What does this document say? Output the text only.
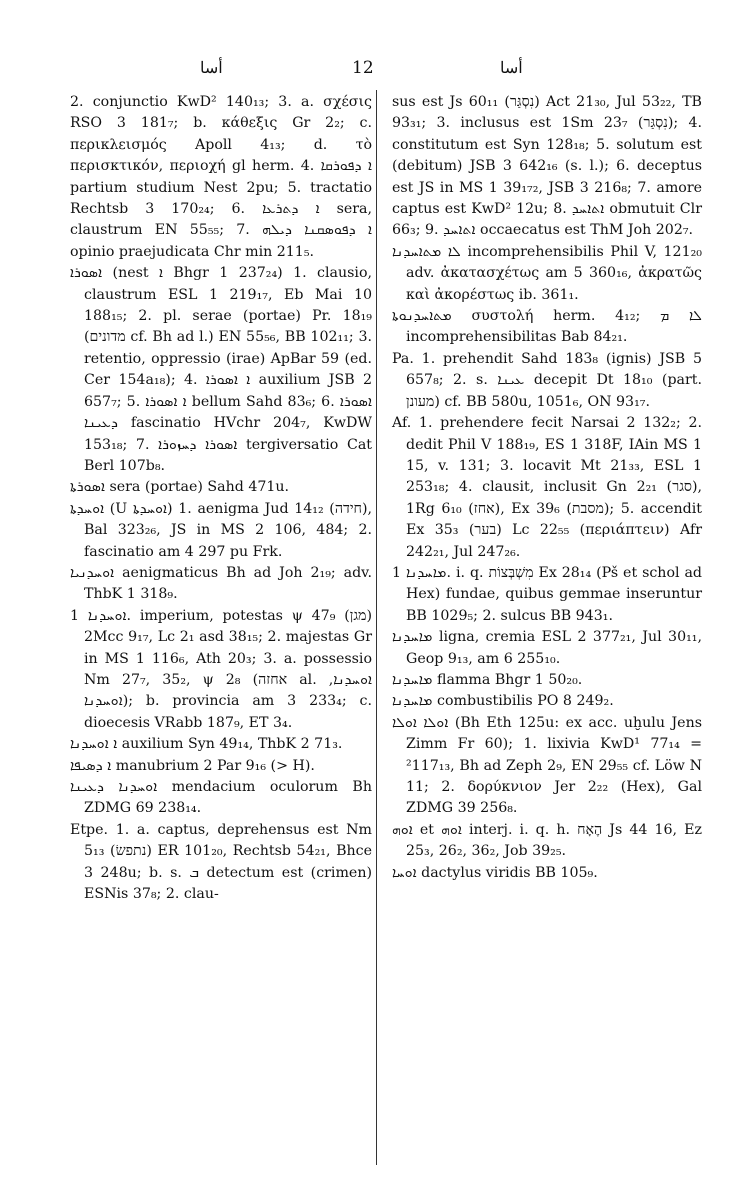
أسا	12	أسا

2. conjunctio KwD² 140₁₃; 3. a. σχέσις RSO 3 181₇; b. κάθεξις Gr 2₂; c. περικλεισμός Apoll 4₁₃; d. τὸ περισκτικόν, περιοχή gl herm. 4. ܐ ܕܦܘܪܩܐ partium studium Nest 2pu; 5. tractatio Rechtsb 3 170₂₄; 6. ܐ ܕܬܪܥܐ sera, claustrum EN 55₅₅; 7. ܐ ܕܦܘܣܩܢܐ ܕܝܠܗ opinio praejudicata Chr min 211₅.

ܐܣܘܪܐ (nest ܐ Bhgr 1 237₂₄) 1. clausio, claustrum ESL 1 219₁₇, Eb Mai 10 188₁₅; 2. pl. serae (portae) Pr. 18₁₉ (מדונים cf. Bh ad l.) EN 55₅₆, BB 102₁₁; 3. retentio, oppressio (irae) ApBar 59 (ed. Cer 154a₁₈); 4. ܐ ܐܣܘܪܐ auxilium JSB 2 657₇; 5. ܐ ܐܣܘܪܐ bellum Sahd 83₆; 6. ܐܣܘܪܐ ܕܥܝܢܐ fascinatio HVchr 204₇, KwDW 153₁₈; 7. ܐܣܘܪܐ ܕܚܙܘܪܐ tergiversatio Cat Berl 107b₈.

ܐܣܘܪܬܐ sera (portae) Sahd 471u.

ܐܘܚܕܬܐ (U ܐܘܚܕܬܐ) 1. aenigma Jud 14₁₂ (חידה), Bal 323₂₆, JS in MS 2 106, 484; 2. fascinatio am 4 297 pu Frk.

ܐܘܚܕܢܝܐ aenigmaticus Bh ad Joh 2₁₉; adv. ThbK 1 318₉.

ܐܘܚܕܢܐ 1. imperium, potestas ψ 47₉ (מגן) 2Mcc 9₁₇, Lc 2₁ asd 38₁₅; 2. majestas Gr in MS 1 116₆, Ath 20₃; 3. a. possessio Nm 27₇, 35₂, ψ 2₈ (אחזה al. ܐܘܚܕܢܐ, ܐܘܚܕܢܐ); b. provincia am 3 233₄; c. dioecesis VRabb 187₉, ET 3₄.

ܐ ܐܘܚܕܢܐ auxilium Syn 49₁₄, ThbK 2 71₃.

ܐ ܕܣܝܦܐ manubrium 2 Par 9₁₆ (> H).

ܐܘܚܕܢܐ ܕܥܝܢܐ mendacium oculorum Bh ZDMG 69 238₁₄.

Etpe. 1. a. captus, deprehensus est Nm 5₁₃ (נתפשׂ) ER 101₂₀, Rechtsb 54₂₁, Bhce 3 248u; b. s. ܒ detectum est (crimen) ESNis 37₈; 2. clau-

sus est Js 60₁₁ (נִסְגַּר) Act 21₃₀, Jul 53₂₂, TB 93₃₁; 3. inclusus est 1Sm 23₇ (נִסְגַּר); 4. constitutum est Syn 128₁₈; 5. solutum est (debitum) JSB 3 642₁₆ (s. l.); 6. deceptus est JS in MS 1 39₁₇₂, JSB 3 216₈; 7. amore captus est KwD² 12u; 8. ܐܬܐܚܕ obmutuit Clr 66₃; 9. ܐܬܐܚܕ occaecatus est ThM Joh 202₇.

ܠܐ ܡܬܐܚܕܢܐ incomprehensibilis Phil V, 121₂₀ adv. ἀκατασχέτως am 5 360₁₆, ἀκρατῶς καὶ ἀκορέστως ib. 361₁.

ܡܬܐܚܕܢܘܬܐ συστολή herm. 4₁₂; ܠܐ ܡ incomprehensibilitas Bab 84₂₁.

Pa. 1. prehendit Sahd 183₈ (ignis) JSB 5 657₈; 2. s. ܥܝܢܐ decepit Dt 18₁₀ (part. מעונן) cf. BB 580u, 1051₆, ON 93₁₇.

Af. 1. prehendere fecit Narsai 2 132₂; 2. dedit Phil V 188₁₉, ES 1 318F, IAin MS 1 15, v. 131; 3. locavit Mt 21₃₃, ESL 1 253₁₈; 4. clausit, inclusit Gn 2₂₁ (סגר), 1Rg 6₁₀ (אחז), Ex 39₆ (מסבת); 5. accendit Ex 35₃ (בער) Lc 22₅₅ (περιάπτειν) Afr 242₂₁, Jul 247₂₆.

ܡܐܚܕܢܐ 1. i. q. מִשְׁבְּצוֹת Ex 28₁₄ (Pš et schol ad Hex) fundae, quibus gemmae inseruntur BB 1029₅; 2. sulcus BB 943₁.

ܡܐܚܕܢܐ ligna, cremia ESL 2 377₂₁, Jul 30₁₁, Geop 9₁₃, am 6 255₁₀.

ܡܐܚܕܢܐ flamma Bhgr 1 50₂₀.

ܡܐܚܕܢܐ combustibilis PO 8 249₂.

ܐܘܠܐ ܐܘܠܐ (Bh Eth 125u: ex acc. uḫulu Jens Zimm Fr 60); 1. lixivia KwD¹ 77₁₄ = ²117₁₃, Bh ad Zeph 2₉, EN 29₅₅ cf. Löw N 11; 2. δορύκνιον Jer 2₂₂ (Hex), Gal ZDMG 39 256₈.

ܐܘܗ et ܐܘܗ interj. i. q. h. הֶאָח Js 44 16, Ez 25₃, 26₂, 36₂, Job 39₂₅.

ܐܘܚܐ dactylus viridis BB 105₉.
